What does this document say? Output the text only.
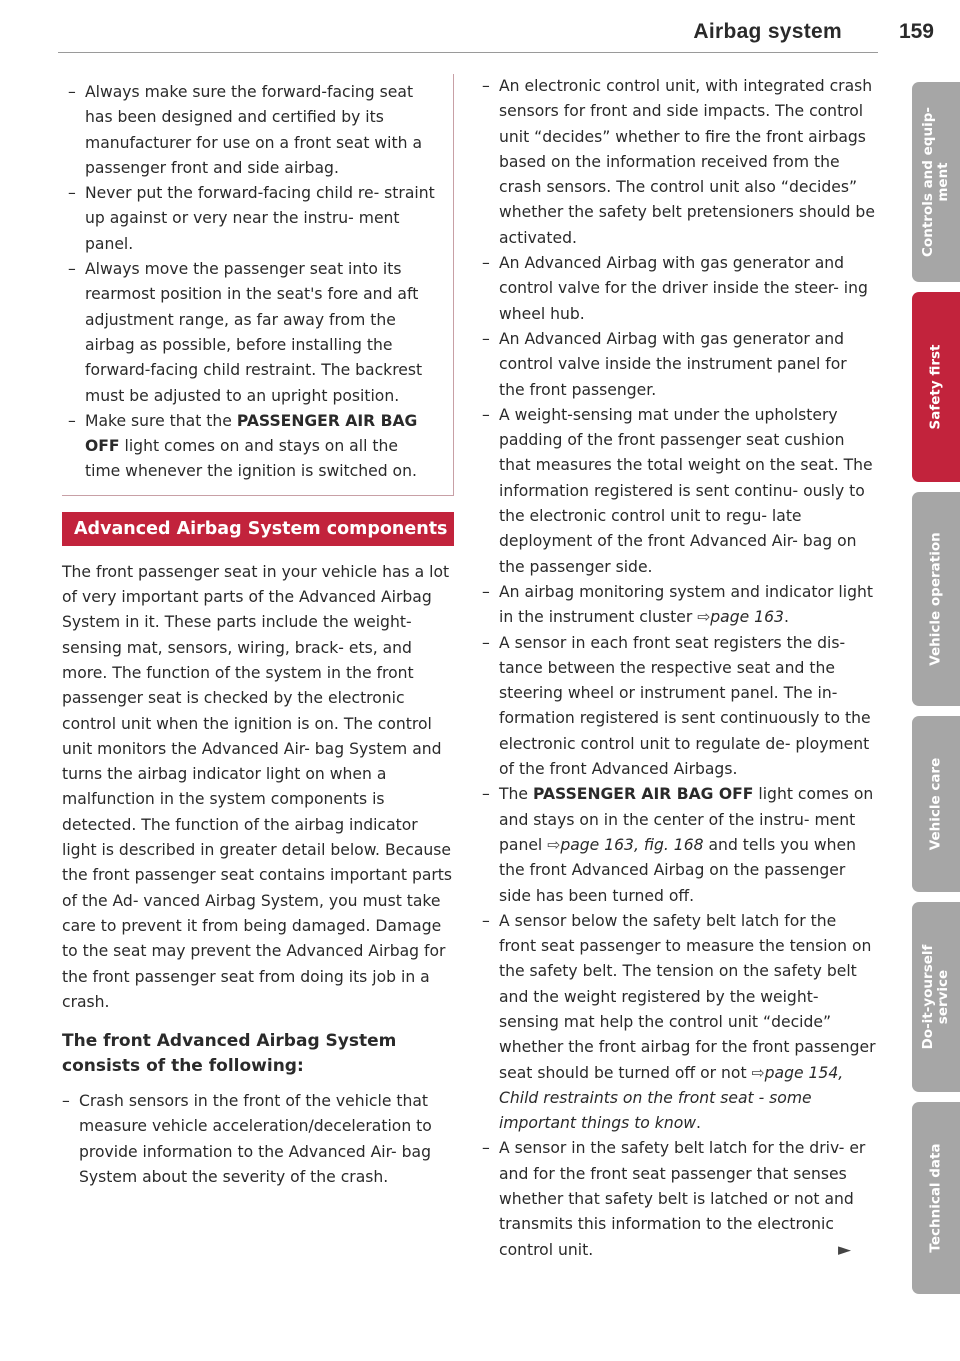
Airbag system	159
– Always make sure the forward-facing seat has been designed and certified by its manufacturer for use on a front seat with a passenger front and side airbag.
– Never put the forward-facing child re- straint up against or very near the instru- ment panel.
– Always move the passenger seat into its rearmost position in the seat's fore and aft adjustment range, as far away from the airbag as possible, before installing the forward-facing child restraint. The backrest must be adjusted to an upright position.
– Make sure that the PASSENGER AIR BAG OFF light comes on and stays on all the time whenever the ignition is switched on.
Advanced Airbag System components

The front passenger seat in your vehicle has a lot of very important parts of the Advanced Airbag System in it. These parts include the weight-sensing mat, sensors, wiring, brack- ets, and more. The function of the system in the front passenger seat is checked by the electronic control unit when the ignition is on. The control unit monitors the Advanced Air- bag System and turns the airbag indicator light on when a malfunction in the system components is detected. The function of the airbag indicator light is described in greater detail below. Because the front passenger seat contains important parts of the Ad- vanced Airbag System, you must take care to prevent it from being damaged. Damage to the seat may prevent the Advanced Airbag for the front passenger seat from doing its job in a crash.

The front Advanced Airbag System consists of the following:
– Crash sensors in the front of the vehicle that measure vehicle acceleration/deceleration to provide information to the Advanced Air- bag System about the severity of the crash.
– An electronic control unit, with integrated crash sensors for front and side impacts. The control unit “decides” whether to fire the front airbags based on the information received from the crash sensors. The control unit also “decides” whether the safety belt pretensioners should be activated.
– An Advanced Airbag with gas generator and control valve for the driver inside the steer- ing wheel hub.
– An Advanced Airbag with gas generator and control valve inside the instrument panel for the front passenger.
– A weight-sensing mat under the upholstery padding of the front passenger seat cushion that measures the total weight on the seat. The information registered is sent continu- ously to the electronic control unit to regu- late deployment of the front Advanced Air- bag on the passenger side.
– An airbag monitoring system and indicator light in the instrument cluster ⇨page 163.
– A sensor in each front seat registers the dis- tance between the respective seat and the steering wheel or instrument panel. The in- formation registered is sent continuously to the electronic control unit to regulate de- ployment of the front Advanced Airbags.
– The PASSENGER AIR BAG OFF light comes on and stays on in the center of the instru- ment panel ⇨page 163, fig. 168 and tells you when the front Advanced Airbag on the passenger side has been turned off.
– A sensor below the safety belt latch for the front seat passenger to measure the tension on the safety belt. The tension on the safety belt and the weight registered by the weight-sensing mat help the control unit “decide” whether the front airbag for the front passenger seat should be turned off or not ⇨page 154, Child restraints on the front seat - some important things to know.
– A sensor in the safety belt latch for the driv- er and for the front seat passenger that senses whether that safety belt is latched or not and transmits this information to the electronic control unit.	►
Controls and equip-
ment
Safety first
Vehicle operation
Vehicle care
Do-it-yourself
service
Technical data
